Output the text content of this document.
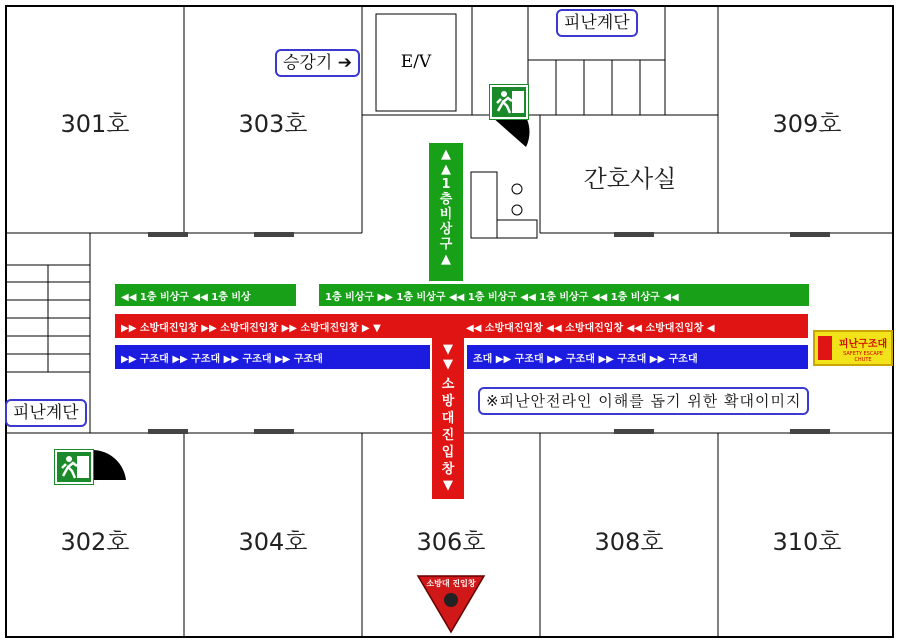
301호	303호	309호
간호사실
302호	304호	306호	308호	310호
E/V
피난계단
피난계단
승강기 ➔
※피난안전라인 이해를 돕기 위한 확대이미지
▲
▲
1층비상구
▲
◀◀ 1층 비상구 ◀◀ 1층 비상	1층 비상구 ▶▶ 1층 비상구 ◀◀ 1층 비상구 ◀◀ 1층 비상구 ◀◀ 1층 비상구 ◀◀
▶▶ 소방대진입창 ▶▶ 소방대진입창 ▶▶ 소방대진입창 ▶ ▼	◀◀ 소방대진입창 ◀◀ 소방대진입창 ◀◀ 소방대진입창 ◀
▼
▼
소방대진입창
▼
▶▶ 구조대 ▶▶ 구조대 ▶▶ 구조대 ▶▶ 구조대	조대 ▶▶ 구조대 ▶▶ 구조대 ▶▶ 구조대 ▶▶ 구조대
피난구조대
SAFETY ESCAPE CHUTE
소방대 진입창
